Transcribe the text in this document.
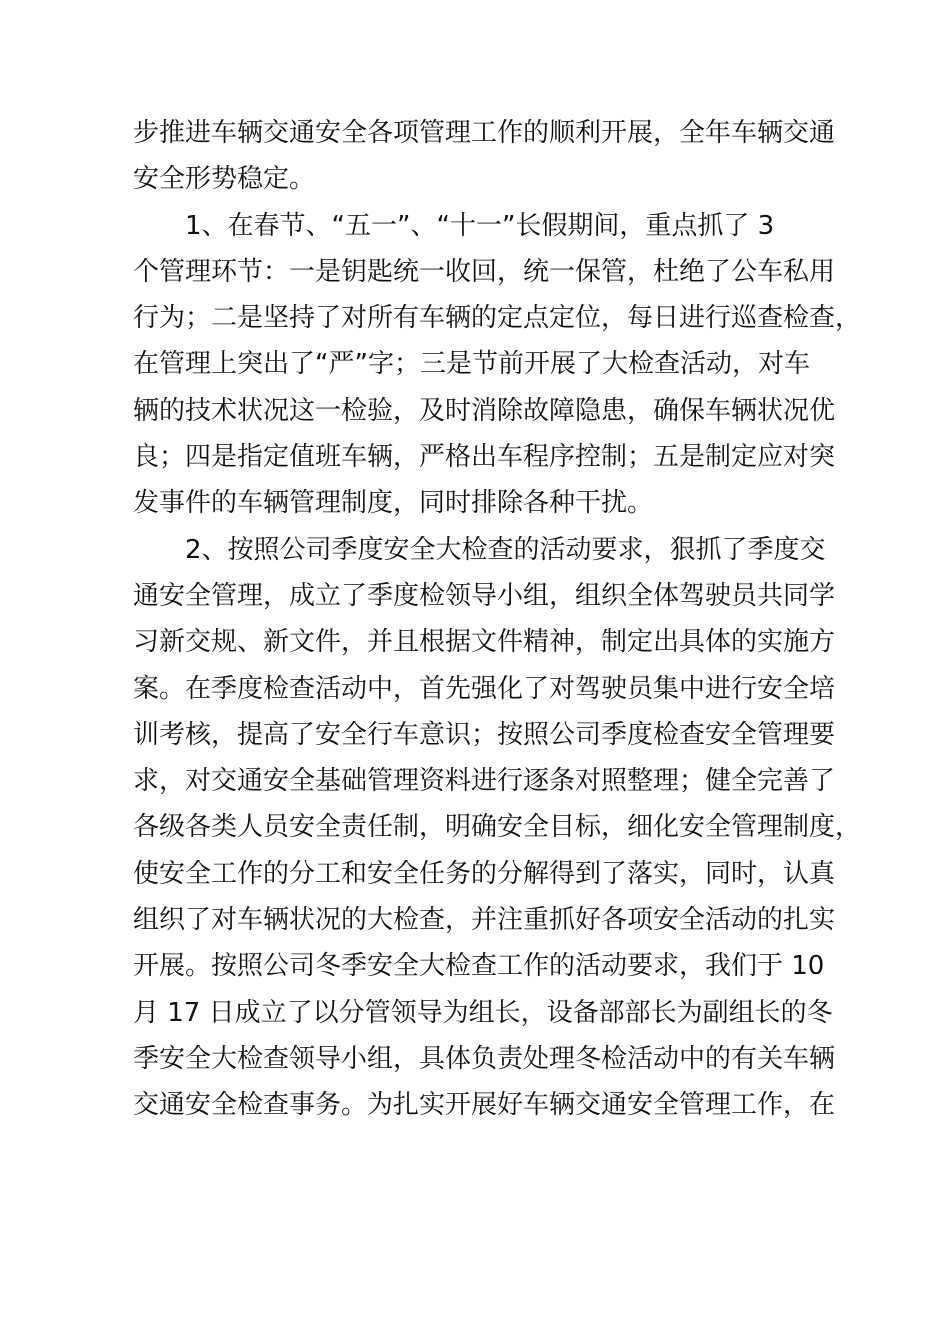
步推进车辆交通安全各项管理工作的顺利开展，全年车辆交通
安全形势稳定。

1、在春节、“五一”、“十一”长假期间，重点抓了 3
个管理环节：一是钥匙统一收回，统一保管，杜绝了公车私用
行为；二是坚持了对所有车辆的定点定位，每日进行巡查检查，
在管理上突出了“严”字；三是节前开展了大检查活动，对车
辆的技术状况这一检验，及时消除故障隐患，确保车辆状况优
良；四是指定值班车辆，严格出车程序控制；五是制定应对突
发事件的车辆管理制度，同时排除各种干扰。

2、按照公司季度安全大检查的活动要求，狠抓了季度交
通安全管理，成立了季度检领导小组，组织全体驾驶员共同学
习新交规、新文件，并且根据文件精神，制定出具体的实施方
案。在季度检查活动中，首先强化了对驾驶员集中进行安全培
训考核，提高了安全行车意识；按照公司季度检查安全管理要
求，对交通安全基础管理资料进行逐条对照整理；健全完善了
各级各类人员安全责任制，明确安全目标，细化安全管理制度，
使安全工作的分工和安全任务的分解得到了落实，同时，认真
组织了对车辆状况的大检查，并注重抓好各项安全活动的扎实
开展。按照公司冬季安全大检查工作的活动要求，我们于 10
月 17 日成立了以分管领导为组长，设备部部长为副组长的冬
季安全大检查领导小组，具体负责处理冬检活动中的有关车辆
交通安全检查事务。为扎实开展好车辆交通安全管理工作，在
